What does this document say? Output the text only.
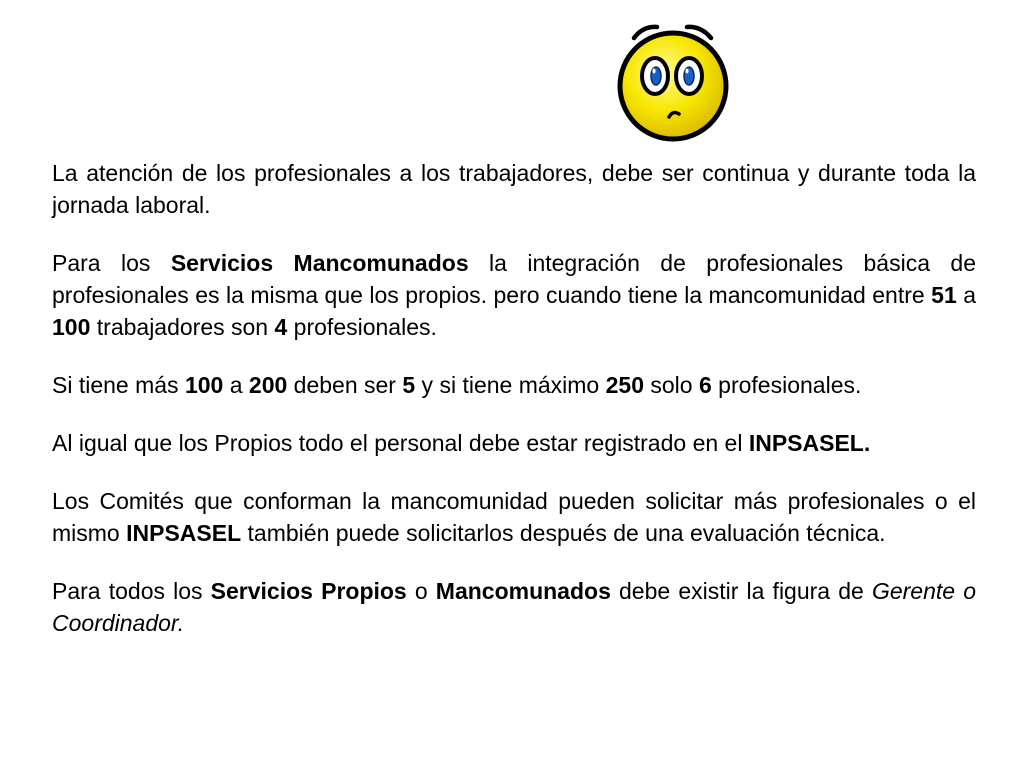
La atención de los profesionales a los trabajadores, debe ser continua y durante toda la jornada laboral.

Para los Servicios Mancomunados la integración de profesionales básica de profesionales es la misma que los propios. pero cuando tiene la mancomunidad entre 51 a 100 trabajadores son 4 profesionales.

Si tiene más 100 a 200 deben ser 5 y si tiene máximo 250 solo 6 profesionales.

Al igual que los Propios todo el personal debe estar registrado en el INPSASEL.

Los Comités que conforman la mancomunidad pueden solicitar más profesionales o el mismo INPSASEL también puede solicitarlos después de una evaluación técnica.

Para todos los Servicios Propios o Mancomunados debe existir la figura de Gerente o Coordinador.
